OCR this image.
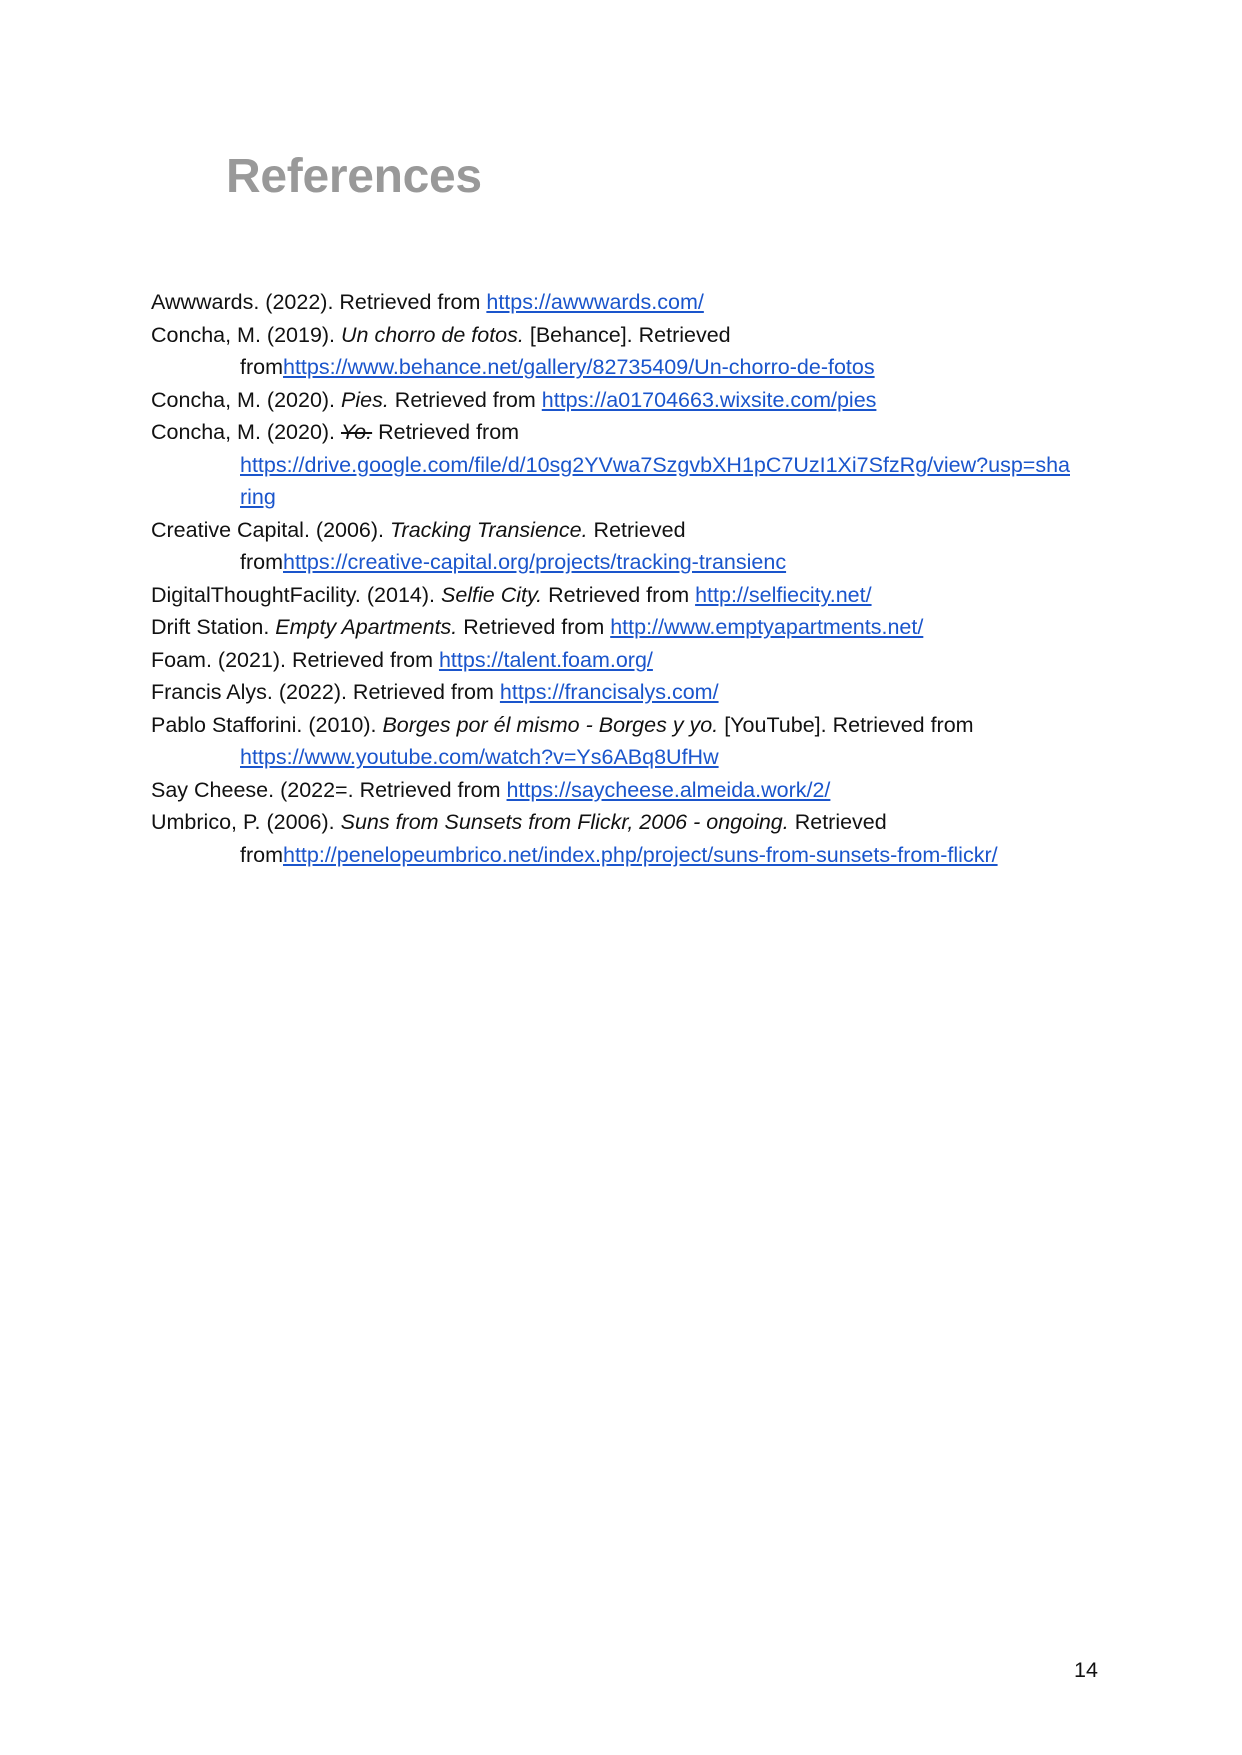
References
Awwwards. (2022). Retrieved from https://awwwards.com/
Concha, M. (2019). Un chorro de fotos. [Behance]. Retrieved
fromhttps://www.behance.net/gallery/82735409/Un-chorro-de-fotos
Concha, M. (2020). Pies. Retrieved from https://a01704663.wixsite.com/pies
Concha, M. (2020). Yo. Retrieved from
https://drive.google.com/file/d/10sg2YVwa7SzgvbXH1pC7UzI1Xi7SfzRg/view?usp=sha
ring
Creative Capital. (2006). Tracking Transience. Retrieved
fromhttps://creative-capital.org/projects/tracking-transienc
DigitalThoughtFacility. (2014). Selfie City. Retrieved from http://selfiecity.net/
Drift Station. Empty Apartments. Retrieved from http://www.emptyapartments.net/
Foam. (2021). Retrieved from https://talent.foam.org/
Francis Alys. (2022). Retrieved from https://francisalys.com/
Pablo Stafforini. (2010). Borges por él mismo - Borges y yo. [YouTube]. Retrieved from
https://www.youtube.com/watch?v=Ys6ABq8UfHw
Say Cheese. (2022=. Retrieved from https://saycheese.almeida.work/2/
Umbrico, P. (2006). Suns from Sunsets from Flickr, 2006 - ongoing. Retrieved
fromhttp://penelopeumbrico.net/index.php/project/suns-from-sunsets-from-flickr/
14
